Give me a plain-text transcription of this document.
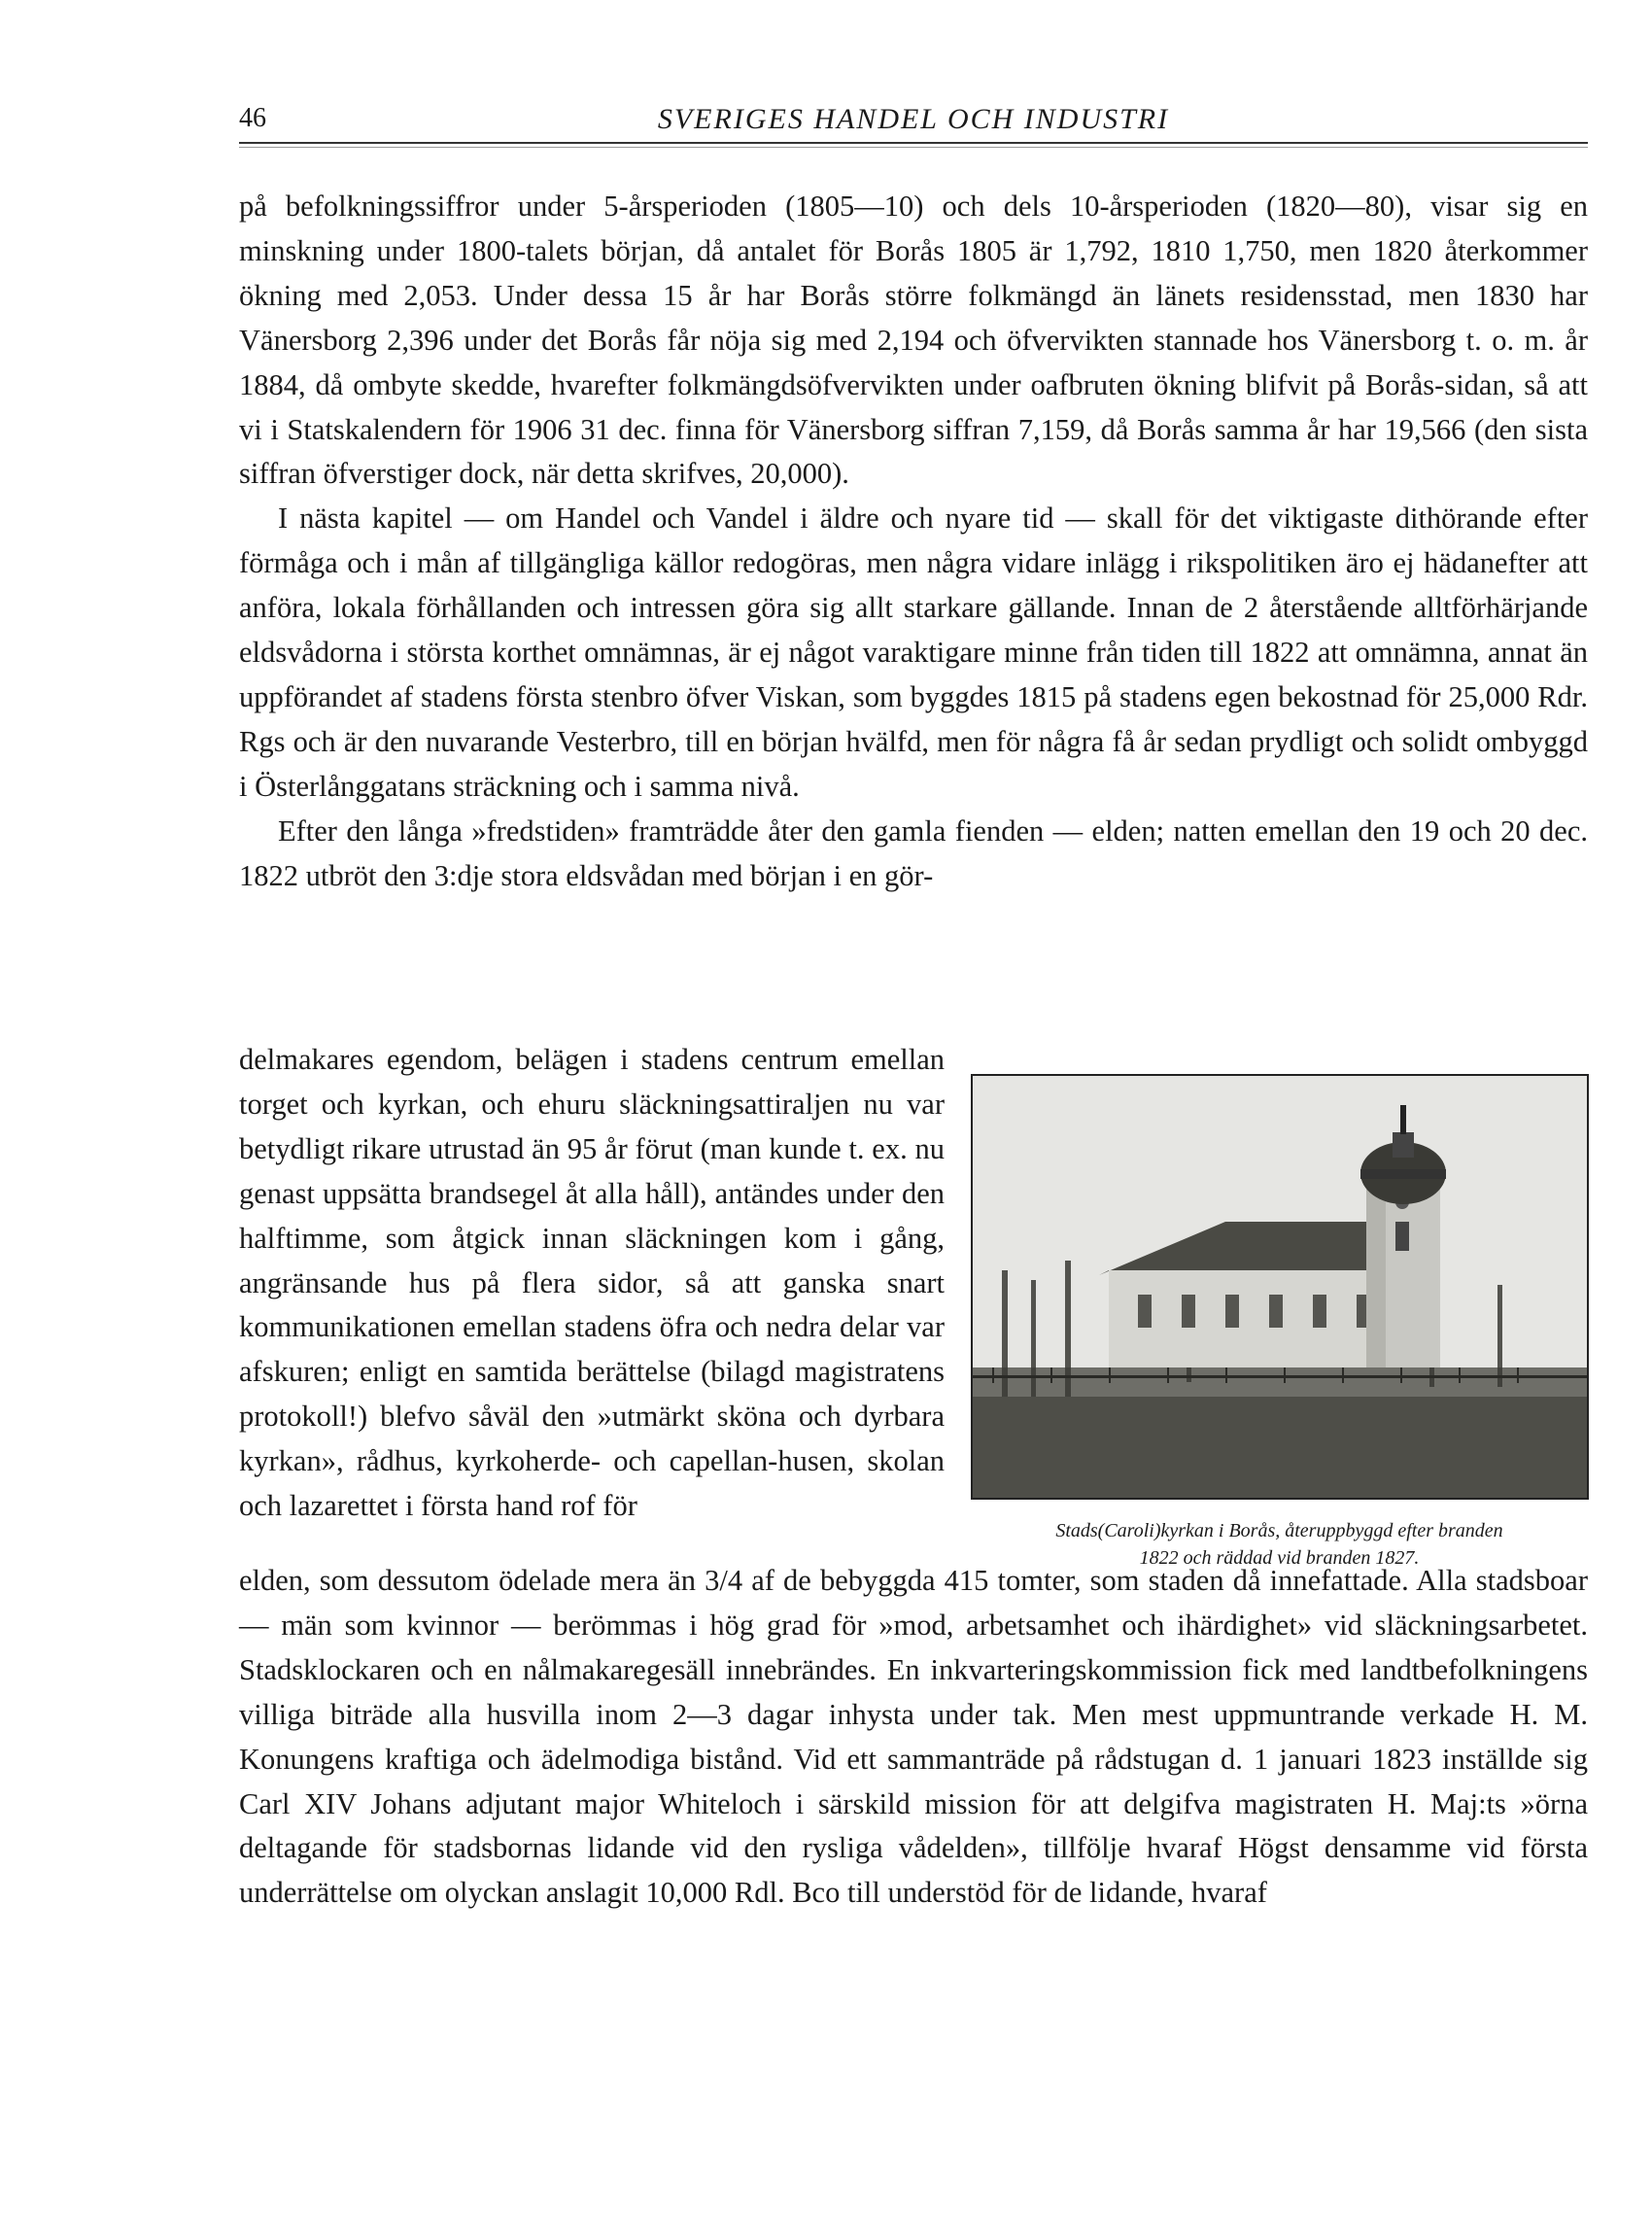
46	SVERIGES HANDEL OCH INDUSTRI

på befolkningssiffror under 5-årsperioden (1805—10) och dels 10-årsperioden (1820—80), visar sig en minskning under 1800-talets början, då antalet för Borås 1805 är 1,792, 1810 1,750, men 1820 återkommer ökning med 2,053. Under dessa 15 år har Borås större folkmängd än länets residensstad, men 1830 har Vänersborg 2,396 under det Borås får nöja sig med 2,194 och öfvervikten stannade hos Vänersborg t. o. m. år 1884, då ombyte skedde, hvarefter folkmängdsöfvervikten under oafbruten ökning blifvit på Borås-sidan, så att vi i Statskalendern för 1906 31 dec. finna för Vänersborg siffran 7,159, då Borås samma år har 19,566 (den sista siffran öfverstiger dock, när detta skrifves, 20,000).

I nästa kapitel — om Handel och Vandel i äldre och nyare tid — skall för det viktigaste dithörande efter förmåga och i mån af tillgängliga källor redogöras, men några vidare inlägg i rikspolitiken äro ej hädanefter att anföra, lokala förhållanden och intressen göra sig allt starkare gällande. Innan de 2 återstående alltförhärjande eldsvådorna i största korthet omnämnas, är ej något varaktigare minne från tiden till 1822 att omnämna, annat än uppförandet af stadens första stenbro öfver Viskan, som byggdes 1815 på stadens egen bekostnad för 25,000 Rdr. Rgs och är den nuvarande Vesterbro, till en början hvälfd, men för några få år sedan prydligt och solidt ombyggd i Österlånggatans sträckning och i samma nivå.

Efter den långa »fredstiden» framträdde åter den gamla fienden — elden; natten emellan den 19 och 20 dec. 1822 utbröt den 3:dje stora eldsvådan med början i en gör-

delmakares egendom, belägen i stadens centrum emellan torget och kyrkan, och ehuru släckningsattiraljen nu var betydligt rikare utrustad än 95 år förut (man kunde t. ex. nu genast uppsätta brandsegel åt alla håll), antändes under den halftimme, som åtgick innan släckningen kom i gång, angränsande hus på flera sidor, så att ganska snart kommunikationen emellan stadens öfra och nedra delar var afskuren; enligt en samtida berättelse (bilagd magistratens protokoll!) blefvo såväl den »utmärkt sköna och dyrbara kyrkan», rådhus, kyrkoherde- och capellan-husen, skolan och lazarettet i första hand rof för

Stads(Caroli)kyrkan i Borås, återuppbyggd efter branden
1822 och räddad vid branden 1827.

elden, som dessutom ödelade mera än 3/4 af de bebyggda 415 tomter, som staden då innefattade. Alla stadsboar — män som kvinnor — berömmas i hög grad för »mod, arbetsamhet och ihärdighet» vid släckningsarbetet. Stadsklockaren och en nålmakaregesäll innebrändes. En inkvarteringskommission fick med landtbefolkningens villiga biträde alla husvilla inom 2—3 dagar inhysta under tak. Men mest uppmuntrande verkade H. M. Konungens kraftiga och ädelmodiga bistånd. Vid ett sammanträde på rådstugan d. 1 januari 1823 inställde sig Carl XIV Johans adjutant major Whiteloch i särskild mission för att delgifva magistraten H. Maj:ts »örna deltagande för stadsbornas lidande vid den rysliga vådelden», tillfölje hvaraf Högst densamme vid första underrättelse om olyckan anslagit 10,000 Rdl. Bco till understöd för de lidande, hvaraf
